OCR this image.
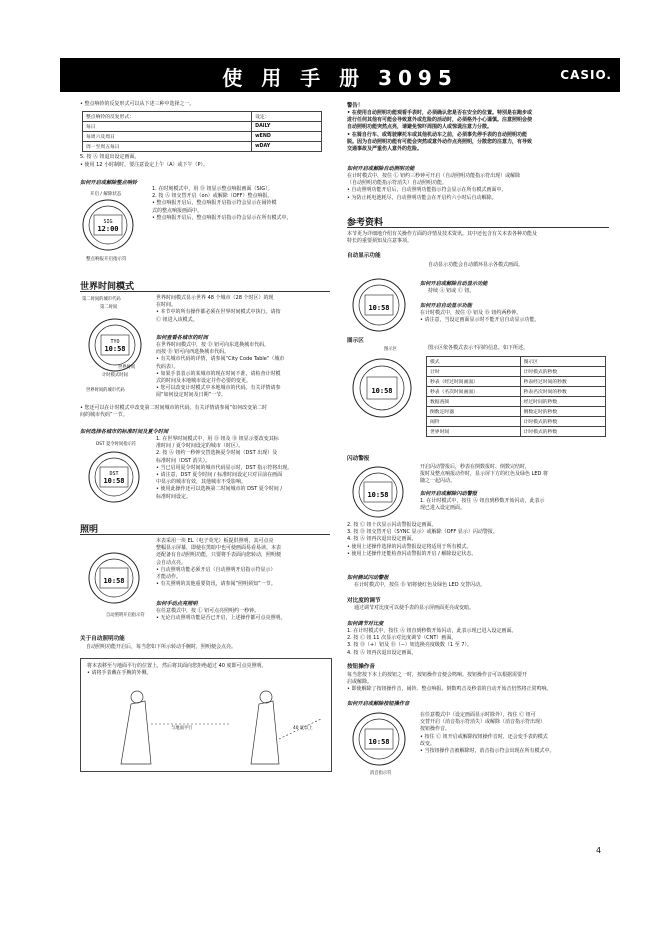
使 用 手 册 3095	CASIO.
• 整点响铃的反复形式可以从下述三种中选择之一。
整点响铃的反复形式：	设定：
每日	DAILY
每周六及周日	wEND
周一至周五每日	wDAY
5. 按 Ⓐ 钮退出设定画面。
• 使用 12 小时制时，要注意设定上午（A）或下午（P）。
如何开启或解除整点响铃
开启 / 解除状态
SIG
12:00
整点响报开启指示符
1. 在时刻模式中，用 Ⓓ 钮显示整点响报画面（SIG）。
2. 按 Ⓐ 钮交替开启（on）或解除（OFF）整点响报。
• 整点响报开启后，整点响报开启指示符会显示在闹铃模
式的整点响报画面中。
• 整点响报开启后，整点响报开启指示符会显示在所有模式中。
世界时间模式
第二时间的城市代码
第二时间
TYO
10:58
世界时间
计时模式时间
世界时间的城市代码
世界时间模式显示世界 48 个城市（28 个时区）的现
在时间。
• 本节中的所有操作都必须在世界时间模式中执行。请按
Ⓒ 钮进入该模式。
如何查看各城市的时间
在世界时间模式中，按 Ⓓ 钮可向东选换城市代码，
而按 Ⓑ 钮可向西选换城市代码。
• 有关城市代码的详情，请参阅“City Code Table”（城市
代码表）。
• 如果手表表示的某城市的现在时间不准，请检查计时模
式的时间及本地城市设定并作必要的变更。
• 您可以改变计时模式中本地城市的代码。有关详情请参
阅“如何设定时间及日期”一节。
• 您还可以在计时模式中改变第二时间城市的代码。有关详情请参阅“如何改变第二时
间的城市代码”一节。
如何选择各城市的标准时间及夏令时间
DST 夏令时间指示符
DST
10:58
1. 在世界时间模式中，用 Ⓓ 钮及 Ⓑ 钮显示要改变其标
准时间 / 夏令时间设定的城市（时区）。
2. 按 Ⓐ 钮约一秒钟交替选换夏令时间（DST 出现）及
标准时间（DST 消失）。
• 当已启用夏令时间的城市代码显示时，DST 指示符将出现。
• 请注意，DST 夏令时间 / 标准时间设定只对目前在画面
中显示的城市有效，其他城市不受影响。
• 使用此操作还可以选换第二时间城市的 DST 夏令时间 /
标准时间设定。
照明
10:58
自动照明开启指示符
本表采用一块 EL（电子荧光）板提供照明，其可点亮
整幅显示屏幕，即使在黑暗中也可使画面易看易读。本表
还配备有自动照明功能，只要将手表面向您转动，照明便
会自动点亮。
• 自动照明功能必须开启（自动照明开启指示符显示）
才能动作。
• 有关照明的其他重要资讯，请参阅“照明须知”一节。
如何手动点亮照明
在任意模式中，按 Ⓛ 钮可点亮照明约一秒钟。
• 无论自动照明功能是否已开启，上述操作都可点亮照明。
关于自动照明功能
自动照明功能开启后，每当您如下所示转动手腕时，照明便会点亮。
将本表移至与地面平行的位置上，然后将其面向您拒绝超过 40 度即可点亮照明。
• 请将手表戴在手腕的外侧。
与地面平行	40 度以上
警告！
• 在使用自动照明功能观看手表时，必须确认您是否在安全的位置。特别是在跑步或
进行任何其他有可能会导致意外或危险的活动时，必须格外小心谨慎。注意照明会使
自动照明功能突然点亮，请避免惊吓周围的人或惊谎注意力分散。
• 在骑自行车、或驾驶摩托车或其他机动车之前，必须事先停手表的自动照明功能
脱。因为自动照明功能有可能会突然或意外动作点亮照明，分散您的注意力，有导致
交通事故及严重伤人意外的危险。
如何开启或解除自动照明功能
在计时模式中，按住 Ⓛ 钮约三秒钟可开启（自动照明功能指示符出现）或解除
（自动照明功能指示符消失）自动照明功能。
• 自动照明功能开启后，自动照明功能指示符会显示在所有模式画面中。
• 为防止耗电池耗尽，自动照明功能会在开启约六小时后自动解除。
参考资料
本节更为详细地介绍有关操作方面的详情及技术资讯。其中还包含有关本表各种功能及
特长的重要须知及注意事项。
自动显示功能
自动显示功能会自动循环显示各模式画面。
10:58
如何开启或解除自动显示功能
持续 Ⓐ 钮或 Ⓒ 钮。
如何开启自动显示功能
在计时模式中，按住 Ⓓ 钮及 Ⓑ 钮约两秒钟。
• 请注意，当设定画面显示时不能开启自动显示功能。
图示区
图示区
10:58
图示区依各模式表示不同的信息，如下所述。
模式	图示区
计时	计时模式的秒数
秒表（经过时间画面）	秒表经过时间的秒数
秒表（名次时间画面）	秒表名次时间的秒数
数据查阅	经过时间的秒数
倒数定时器	倒数定时的秒数
闹铃	计时模式的秒数
世界时间	计时模式的秒数
闪动警报
10:58
开启闪动警报后，秒表在倒数报时、倒数完结时，
报时及整点响报动作时，显示屏下方的红色及绿色 LED 将
随之一起闪动。
如何开启或解除闪动警报
1. 在计时模式中，按住 Ⓐ 钮直到秒数开始闪动，此表示
现已进入设定画面。
2. 按 Ⓒ 钮十次显示闪动警报设定画面。
3. 按 Ⓓ 钮交替开启（SYNC 显示）或解除（OFF 显示）闪动警报。
4. 按 Ⓐ 钮再次退出设定画面。
• 使用上述操作选择的闪动警报设定将适用于所有模式。
• 使用上述操作还能检查闪动警报的开启 / 解除设定状态。
如何测试闪动警报
在计时模式中，按住 Ⓑ 钮将使红色及绿色 LED 交替闪动。
对比度的调节
通过调节对比度可以使手表的显示屏画面更亮或变暗。
如何调节对比度
1. 在计时模式中，按住 Ⓐ 钮直到秒数开始闪动，此表示现已进入设定画面。
2. 按 Ⓒ 钮 11 次显示对比度调节（CNT）画面。
3. 按 Ⓓ（+）钮及 Ⓑ（−）钮选换亮度级数（1 至 7）。
4. 按 Ⓐ 钮再次退出设定画面。
按钮操作音
每当您按下本上的按钮之一时，按钮操作音便会鸣响。按钮操作音可以根据需要开
启或解除。
• 即使解除了按钮操作音，闹铃、整点响报、倒数鸣音及秒表的自动开始音仍然将正常鸣响。
如何开启或解除按钮操作音
10:58
消音指示符
在任意模式中（设定画面显示时除外），按住 Ⓒ 钮可
交替开启（消音指示符消失）或解除（消音指示符出现）
按钮操作音。
• 按住 Ⓒ 钮开启或解除按钮操作音时，还会变手表的模式
改变。
• 当按钮操作音被解除时，消音指示符会出现在所有模式中。
4
